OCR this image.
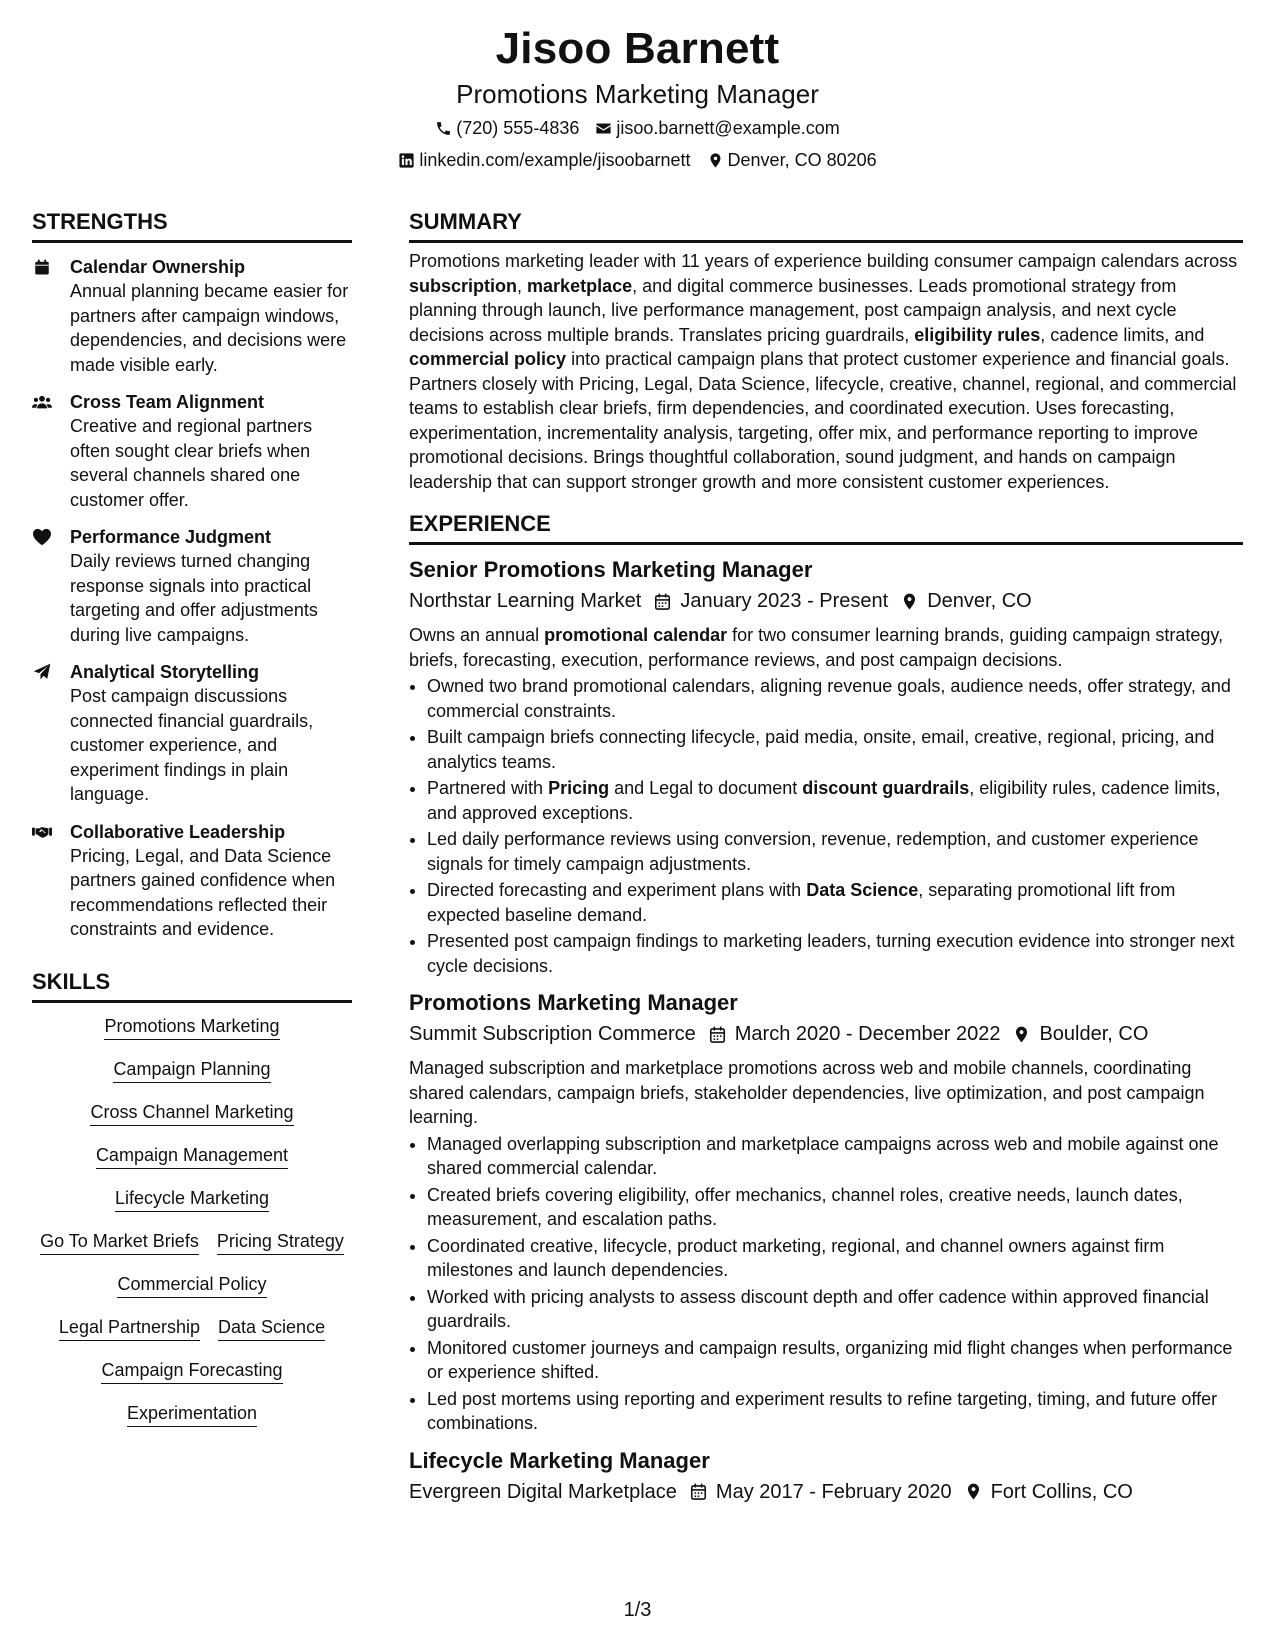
Jisoo Barnett
Promotions Marketing Manager
(720) 555-4836 jisoo.barnett@example.com
linkedin.com/example/jisoobarnett Denver, CO 80206
STRENGTHS
Calendar Ownership
Annual planning became easier for partners after campaign windows, dependencies, and decisions were made visible early.
Cross Team Alignment
Creative and regional partners often sought clear briefs when several channels shared one customer offer.
Performance Judgment
Daily reviews turned changing response signals into practical targeting and offer adjustments during live campaigns.
Analytical Storytelling
Post campaign discussions connected financial guardrails, customer experience, and experiment findings in plain language.
Collaborative Leadership
Pricing, Legal, and Data Science partners gained confidence when recommendations reflected their constraints and evidence.
SKILLS
Promotions Marketing
Campaign Planning
Cross Channel Marketing
Campaign Management
Lifecycle Marketing
Go To Market Briefs Pricing Strategy
Commercial Policy
Legal Partnership Data Science
Campaign Forecasting
Experimentation
SUMMARY
Promotions marketing leader with 11 years of experience building consumer campaign calendars across subscription, marketplace, and digital commerce businesses. Leads promotional strategy from planning through launch, live performance management, post campaign analysis, and next cycle decisions across multiple brands. Translates pricing guardrails, eligibility rules, cadence limits, and commercial policy into practical campaign plans that protect customer experience and financial goals. Partners closely with Pricing, Legal, Data Science, lifecycle, creative, channel, regional, and commercial teams to establish clear briefs, firm dependencies, and coordinated execution. Uses forecasting, experimentation, incrementality analysis, targeting, offer mix, and performance reporting to improve promotional decisions. Brings thoughtful collaboration, sound judgment, and hands on campaign leadership that can support stronger growth and more consistent customer experiences.
EXPERIENCE
Senior Promotions Marketing Manager
Northstar Learning Market January 2023 - Present Denver, CO
Owns an annual promotional calendar for two consumer learning brands, guiding campaign strategy, briefs, forecasting, execution, performance reviews, and post campaign decisions.
• Owned two brand promotional calendars, aligning revenue goals, audience needs, offer strategy, and commercial constraints.
• Built campaign briefs connecting lifecycle, paid media, onsite, email, creative, regional, pricing, and analytics teams.
• Partnered with Pricing and Legal to document discount guardrails, eligibility rules, cadence limits, and approved exceptions.
• Led daily performance reviews using conversion, revenue, redemption, and customer experience signals for timely campaign adjustments.
• Directed forecasting and experiment plans with Data Science, separating promotional lift from expected baseline demand.
• Presented post campaign findings to marketing leaders, turning execution evidence into stronger next cycle decisions.
Promotions Marketing Manager
Summit Subscription Commerce March 2020 - December 2022 Boulder, CO
Managed subscription and marketplace promotions across web and mobile channels, coordinating shared calendars, campaign briefs, stakeholder dependencies, live optimization, and post campaign learning.
• Managed overlapping subscription and marketplace campaigns across web and mobile against one shared commercial calendar.
• Created briefs covering eligibility, offer mechanics, channel roles, creative needs, launch dates, measurement, and escalation paths.
• Coordinated creative, lifecycle, product marketing, regional, and channel owners against firm milestones and launch dependencies.
• Worked with pricing analysts to assess discount depth and offer cadence within approved financial guardrails.
• Monitored customer journeys and campaign results, organizing mid flight changes when performance or experience shifted.
• Led post mortems using reporting and experiment results to refine targeting, timing, and future offer combinations.
Lifecycle Marketing Manager
Evergreen Digital Marketplace May 2017 - February 2020 Fort Collins, CO
1/3
